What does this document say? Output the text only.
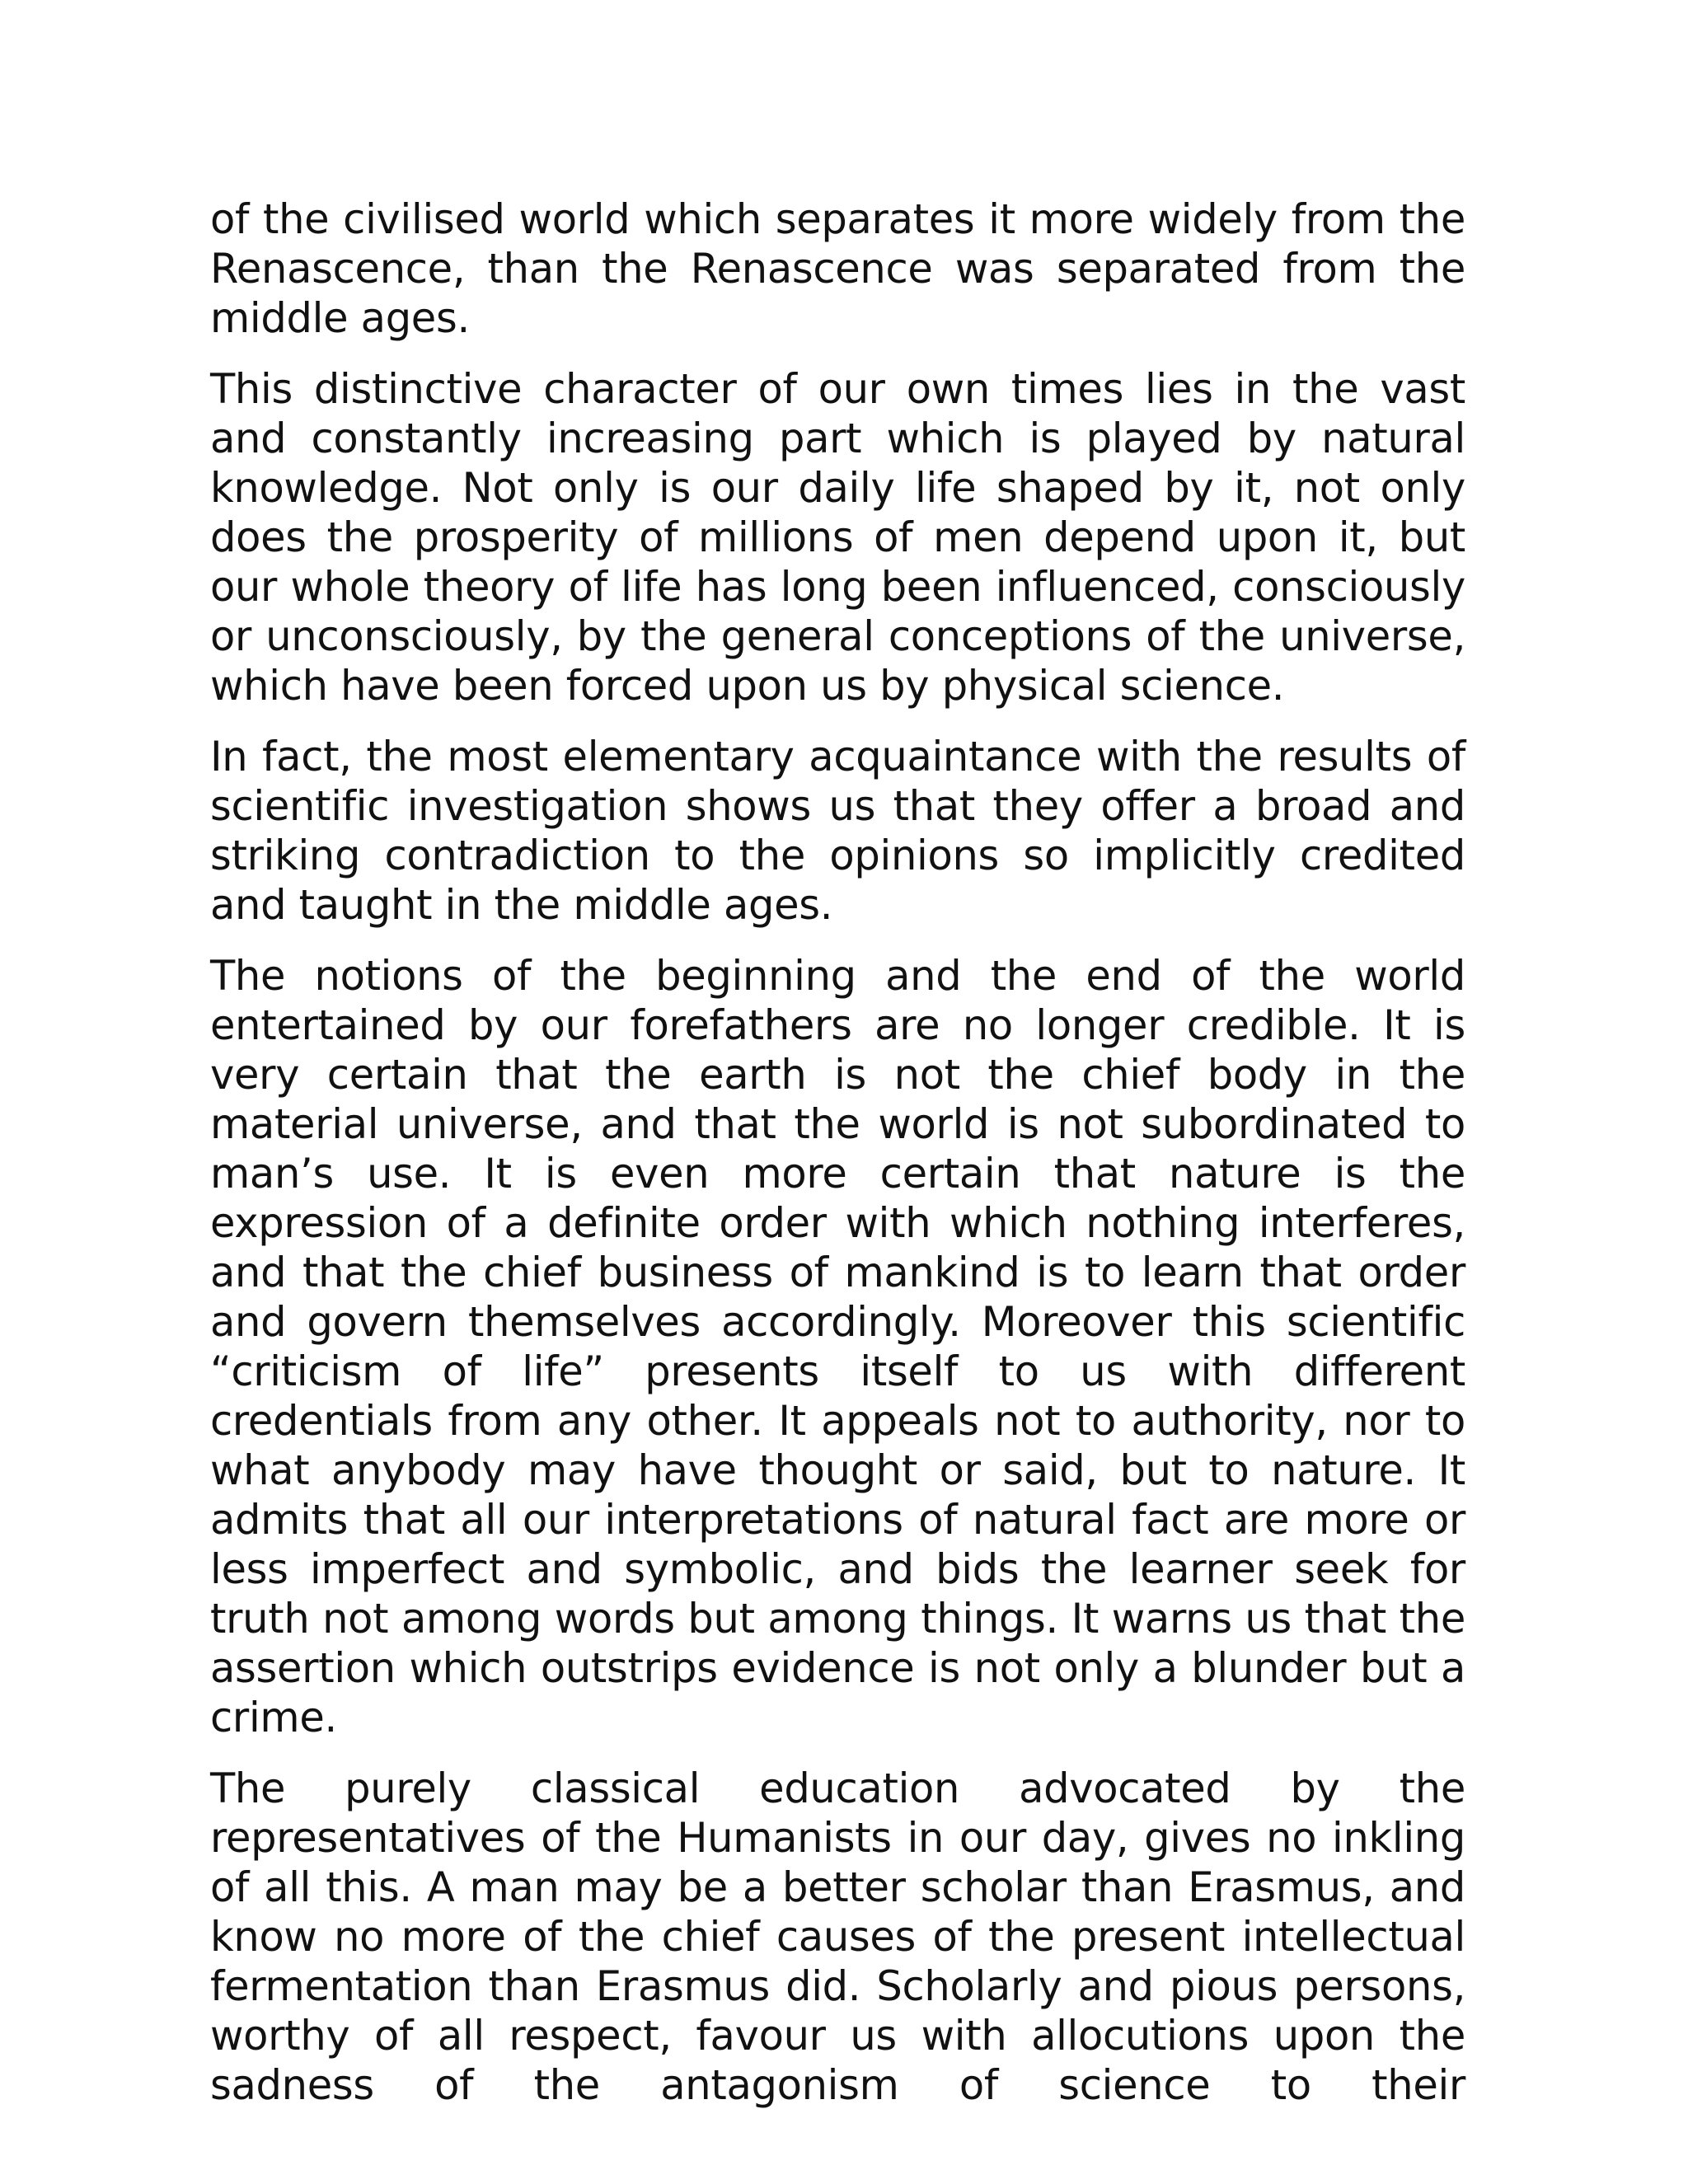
of the civilised world which separates it more widely from the Renascence, than the Renascence was separated from the middle ages.

This distinctive character of our own times lies in the vast and constantly increasing part which is played by natural knowledge. Not only is our daily life shaped by it, not only does the prosperity of millions of men depend upon it, but our whole theory of life has long been influenced, consciously or unconsciously, by the general conceptions of the universe, which have been forced upon us by physical science.

In fact, the most elementary acquaintance with the results of scientific investigation shows us that they offer a broad and striking contradiction to the opinions so implicitly credited and taught in the middle ages.

The notions of the beginning and the end of the world entertained by our forefathers are no longer credible. It is very certain that the earth is not the chief body in the material universe, and that the world is not subordinated to man’s use. It is even more certain that nature is the expression of a definite order with which nothing interferes, and that the chief business of mankind is to learn that order and govern themselves accordingly. Moreover this scientific “criticism of life” presents itself to us with different credentials from any other. It appeals not to authority, nor to what anybody may have thought or said, but to nature. It admits that all our interpretations of natural fact are more or less imperfect and symbolic, and bids the learner seek for truth not among words but among things. It warns us that the assertion which outstrips evidence is not only a blunder but a crime.

The purely classical education advocated by the representatives of the Humanists in our day, gives no inkling of all this. A man may be a better scholar than Erasmus, and know no more of the chief causes of the present intellectual fermentation than Erasmus did. Scholarly and pious persons, worthy of all respect, favour us with allocutions upon the sadness of the antagonism of science to their
